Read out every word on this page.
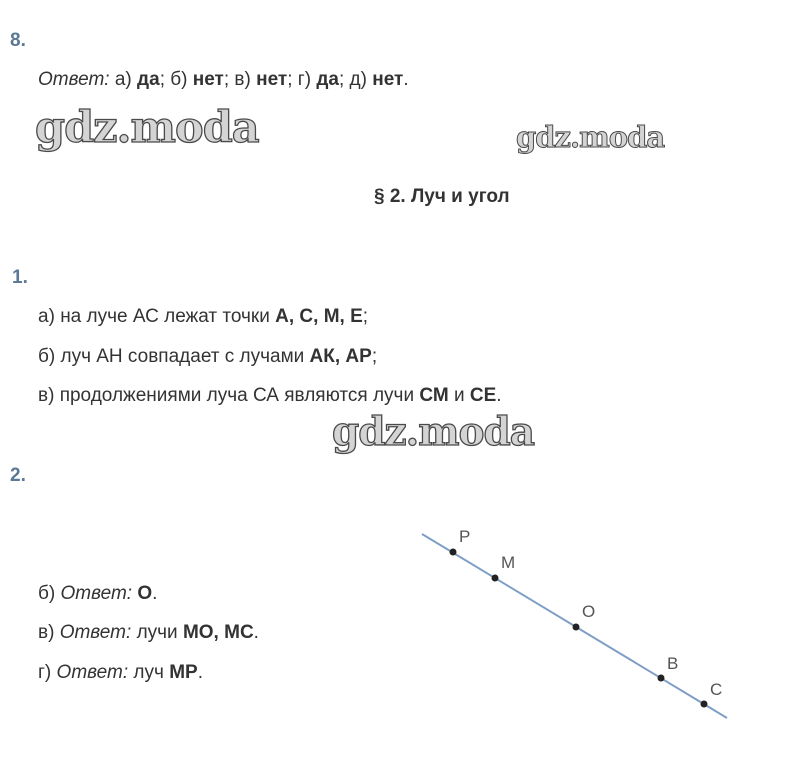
8.
Ответ: а) да; б) нет; в) нет; г) да; д) нет.
gdz.moda	gdz.moda
§ 2. Луч и угол
1.
а) на луче АС лежат точки А, С, М, Е;
б) луч АН совпадает с лучами АК, АР;
в) продолжениями луча СА являются лучи СМ и СЕ.
gdz.moda
2.
б) Ответ: О.
в) Ответ: лучи МО, МС.
г) Ответ: луч МР.
P
M
O
B
C
